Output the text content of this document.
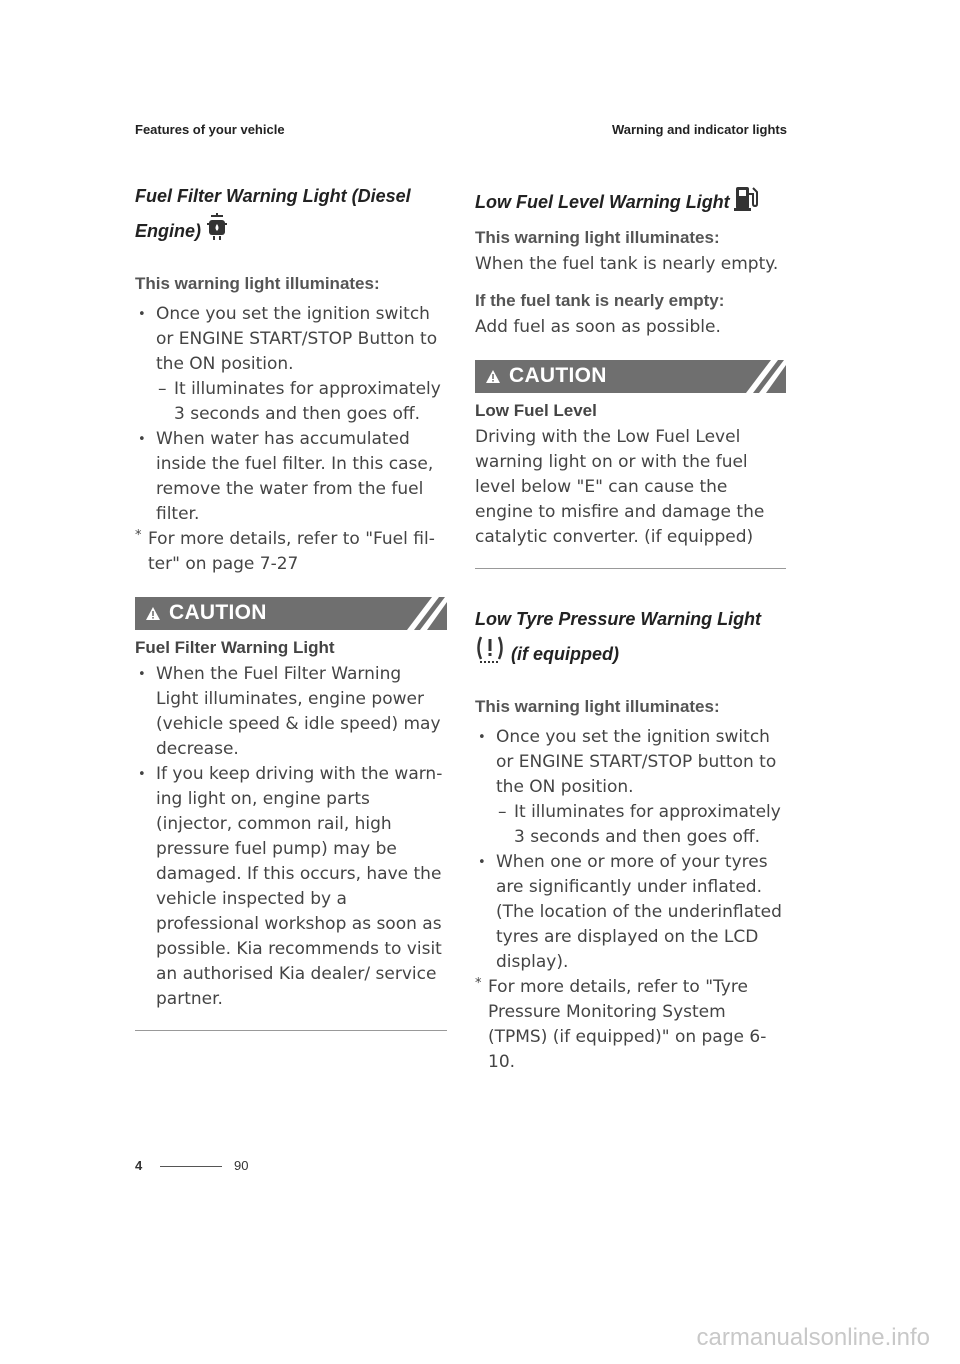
Features of your vehicle	Warning and indicator lights
Fuel Filter Warning Light (Diesel
Engine)

This warning light illuminates:

• Once you set the ignition switch or ENGINE START/STOP Button to the ON position.
– It illuminates for approximately 3 seconds and then goes off.
• When water has accumulated inside the fuel filter. In this case, remove the water from the fuel filter.
* For more details, refer to "Fuel fil-ter" on page 7-27
CAUTION

Fuel Filter Warning Light

• When the Fuel Filter Warning Light illuminates, engine power (vehicle speed & idle speed) may decrease.
• If you keep driving with the warn-ing light on, engine parts (injector, common rail, high pressure fuel pump) may be damaged. If this occurs, have the vehicle inspected by a professional workshop as soon as possible. Kia recommends to visit an authorised Kia dealer/ service partner.
Low Fuel Level Warning Light

This warning light illuminates:

When the fuel tank is nearly empty.

If the fuel tank is nearly empty:

Add fuel as soon as possible.

CAUTION

Low Fuel Level

Driving with the Low Fuel Level warning light on or with the fuel level below "E" can cause the engine to misfire and damage the catalytic converter. (if equipped)

Low Tyre Pressure Warning Light
(if equipped)

This warning light illuminates:

• Once you set the ignition switch or ENGINE START/STOP button to the ON position.
– It illuminates for approximately 3 seconds and then goes off.
• When one or more of your tyres are significantly under inflated. (The location of the underinflated tyres are displayed on the LCD display).
* For more details, refer to "Tyre Pressure Monitoring System (TPMS) (if equipped)" on page 6-10.
4	90
carmanualsonline.info
